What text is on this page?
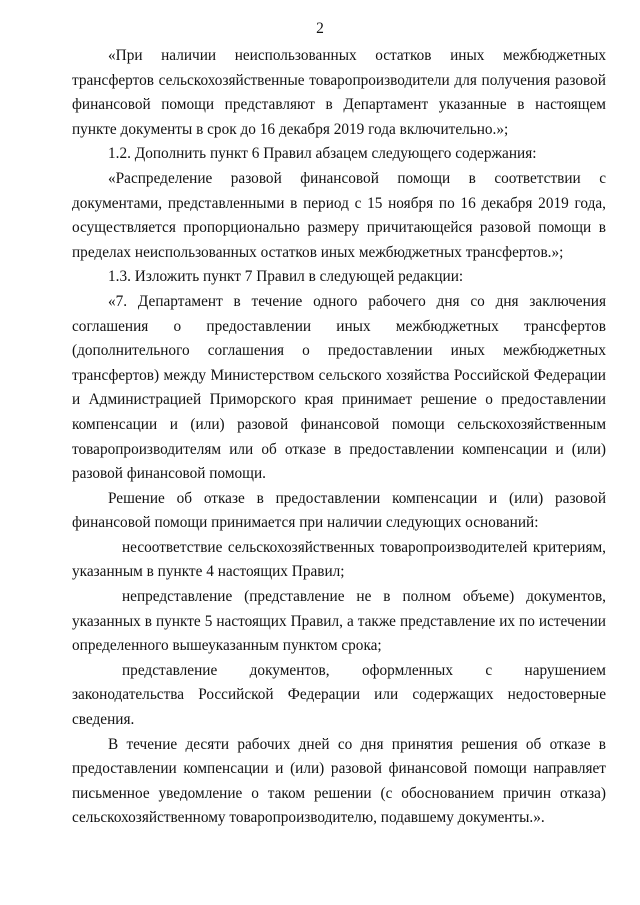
2

«При наличии неиспользованных остатков иных межбюджетных трансфертов сельскохозяйственные товаропроизводители для получения разовой финансовой помощи представляют в Департамент указанные в настоящем пункте документы в срок до 16 декабря 2019 года включительно.»;

1.2. Дополнить пункт 6 Правил абзацем следующего содержания:

«Распределение разовой финансовой помощи в соответствии с документами, представленными в период с 15 ноября по 16 декабря 2019 года, осуществляется пропорционально размеру причитающейся разовой помощи в пределах неиспользованных остатков иных межбюджетных трансфертов.»;

1.3. Изложить пункт 7 Правил в следующей редакции:

«7. Департамент в течение одного рабочего дня со дня заключения соглашения о предоставлении иных межбюджетных трансфертов (дополнительного соглашения о предоставлении иных межбюджетных трансфертов) между Министерством сельского хозяйства Российской Федерации и Администрацией Приморского края принимает решение о предоставлении компенсации и (или) разовой финансовой помощи сельскохозяйственным товаропроизводителям или об отказе в предоставлении компенсации и (или) разовой финансовой помощи.

Решение об отказе в предоставлении компенсации и (или) разовой финансовой помощи принимается при наличии следующих оснований:

несоответствие сельскохозяйственных товаропроизводителей критериям, указанным в пункте 4 настоящих Правил;

непредставление (представление не в полном объеме) документов, указанных в пункте 5 настоящих Правил, а также представление их по истечении определенного вышеуказанным пунктом срока;

представление документов, оформленных с нарушением законодательства Российской Федерации или содержащих недостоверные сведения.

В течение десяти рабочих дней со дня принятия решения об отказе в предоставлении компенсации и (или) разовой финансовой помощи направляет письменное уведомление о таком решении (с обоснованием причин отказа) сельскохозяйственному товаропроизводителю, подавшему документы.».
